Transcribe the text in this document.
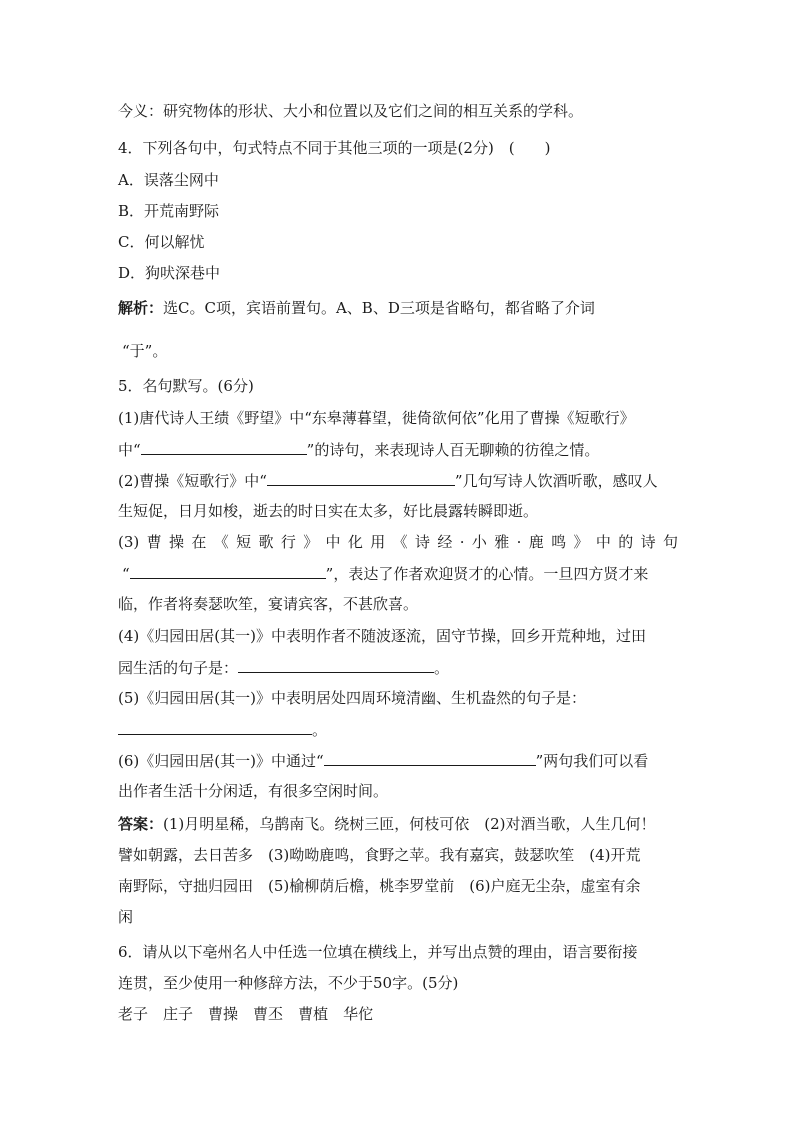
今义：研究物体的形状、大小和位置以及它们之间的相互关系的学科。
4．下列各句中，句式特点不同于其他三项的一项是(2分)　(　　)
A．误落尘网中
B．开荒南野际
C．何以解忧
D．狗吠深巷中
解析：选C。C项，宾语前置句。A、B、D三项是省略句，都省略了介词
“于”。
5．名句默写。(6分)
(1)唐代诗人王绩《野望》中“东皋薄暮望，徙倚欲何依”化用了曹操《短歌行》
中“	”的诗句，来表现诗人百无聊赖的彷徨之情。
(2)曹操《短歌行》中“	”几句写诗人饮酒听歌，感叹人
生短促，日月如梭，逝去的时日实在太多，好比晨露转瞬即逝。
(3)曹操在《短歌行》中化用《诗经·小雅·鹿鸣》中的诗句
“	”，表达了作者欢迎贤才的心情。一旦四方贤才来
临，作者将奏瑟吹笙，宴请宾客，不甚欣喜。
(4)《归园田居(其一)》中表明作者不随波逐流，固守节操，回乡开荒种地，过田
园生活的句子是：	。
(5)《归园田居(其一)》中表明居处四周环境清幽、生机盎然的句子是：
。
(6)《归园田居(其一)》中通过“	”两句我们可以看
出作者生活十分闲适，有很多空闲时间。
答案：(1)月明星稀，乌鹊南飞。绕树三匝，何枝可依　(2)对酒当歌，人生几何！
譬如朝露，去日苦多　(3)呦呦鹿鸣，食野之苹。我有嘉宾，鼓瑟吹笙　(4)开荒
南野际，守拙归园田　(5)榆柳荫后檐，桃李罗堂前　(6)户庭无尘杂，虚室有余
闲
6．请从以下亳州名人中任选一位填在横线上，并写出点赞的理由，语言要衔接
连贯，至少使用一种修辞方法，不少于50字。(5分)
老子 庄子 曹操 曹丕 曹植 华佗
